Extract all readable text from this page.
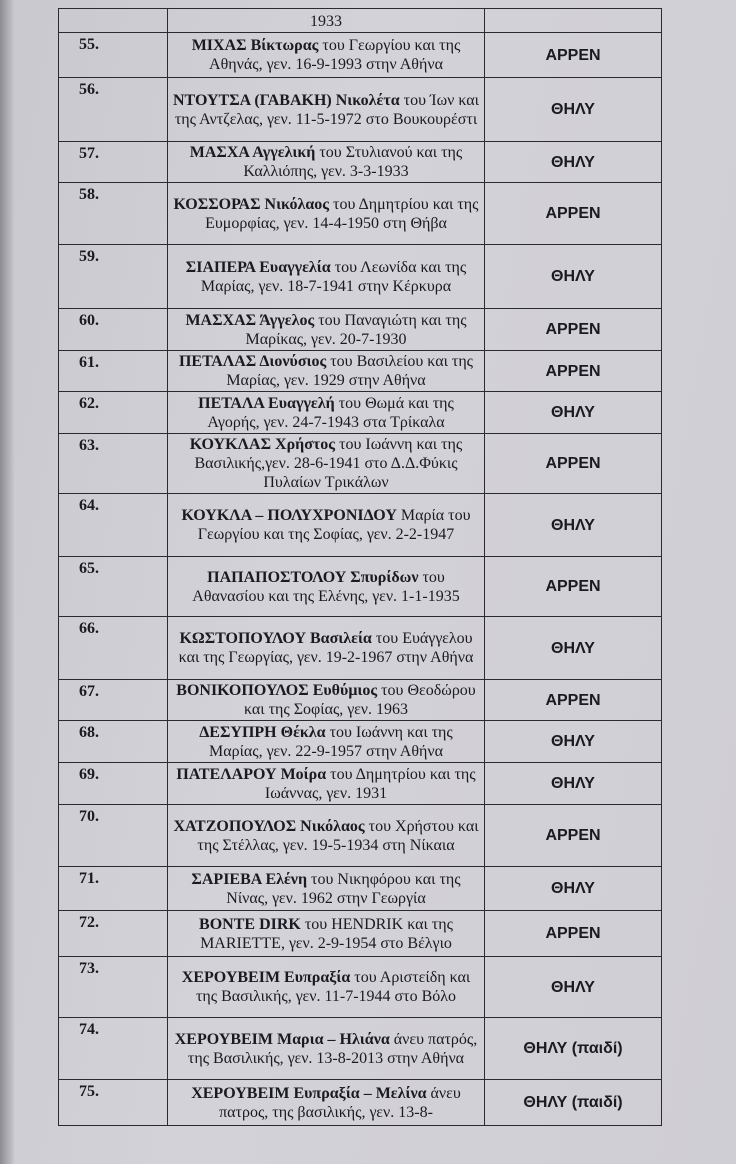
	1933	
55.	ΜΙΧΑΣ Βίκτωρας του Γεωργίου και της Αθηνάς, γεν. 16-9-1993 στην Αθήνα	ΑΡΡΕΝ
56.	ΝΤΟΥΤΣΑ (ΓΑΒΑΚΗ) Νικολέτα του Ίων και της Αντζελας, γεν. 11-5-1972 στο Βουκουρέστι	ΘΗΛΥ
57.	ΜΑΣΧΑ Αγγελική του Στυλιανού και της Καλλιόπης, γεν. 3-3-1933	ΘΗΛΥ
58.	ΚΟΣΣΟΡΑΣ Νικόλαος του Δημητρίου και της Ευμορφίας, γεν. 14-4-1950 στη Θήβα	ΑΡΡΕΝ
59.	ΣΙΑΠΕΡΑ Ευαγγελία του Λεωνίδα και της Μαρίας, γεν. 18-7-1941 στην Κέρκυρα	ΘΗΛΥ
60.	ΜΑΣΧΑΣ Άγγελος του Παναγιώτη και της Μαρίκας, γεν. 20-7-1930	ΑΡΡΕΝ
61.	ΠΕΤΑΛΑΣ Διονύσιος του Βασιλείου και της Μαρίας, γεν. 1929 στην Αθήνα	ΑΡΡΕΝ
62.	ΠΕΤΑΛΑ Ευαγγελή του Θωμά και της Αγορής, γεν. 24-7-1943 στα Τρίκαλα	ΘΗΛΥ
63.	ΚΟΥΚΛΑΣ Χρήστος του Ιωάννη και της Βασιλικής,γεν. 28-6-1941 στο Δ.Δ.Φύκις Πυλαίων Τρικάλων	ΑΡΡΕΝ
64.	ΚΟΥΚΛΑ – ΠΟΛΥΧΡΟΝΙΔΟΥ Μαρία του Γεωργίου και της Σοφίας, γεν. 2-2-1947	ΘΗΛΥ
65.	ΠΑΠΑΠΟΣΤΟΛΟΥ Σπυρίδων του Αθανασίου και της Ελένης, γεν. 1-1-1935	ΑΡΡΕΝ
66.	ΚΩΣΤΟΠΟΥΛΟΥ Βασιλεία του Ευάγγελου και της Γεωργίας, γεν. 19-2-1967 στην Αθήνα	ΘΗΛΥ
67.	ΒΟΝΙΚΟΠΟΥΛΟΣ Ευθύμιος του Θεοδώρου και της Σοφίας, γεν. 1963	ΑΡΡΕΝ
68.	ΔΕΣΥΠΡΗ Θέκλα του Ιωάννη και της Μαρίας, γεν. 22-9-1957 στην Αθήνα	ΘΗΛΥ
69.	ΠΑΤΕΛΑΡΟΥ Μοίρα του Δημητρίου και της Ιωάννας, γεν. 1931	ΘΗΛΥ
70.	ΧΑΤΖΟΠΟΥΛΟΣ Νικόλαος του Χρήστου και της Στέλλας, γεν. 19-5-1934 στη Νίκαια	ΑΡΡΕΝ
71.	ΣΑΡΙΕΒΑ Ελένη του Νικηφόρου και της Νίνας, γεν. 1962 στην Γεωργία	ΘΗΛΥ
72.	BONTE DIRK του HENDRIK και της MARIETTE, γεν. 2-9-1954 στο Βέλγιο	ΑΡΡΕΝ
73.	ΧΕΡΟΥΒΕΙΜ Ευπραξία του Αριστείδη και της Βασιλικής, γεν. 11-7-1944 στο Βόλο	ΘΗΛΥ
74.	ΧΕΡΟΥΒΕΙΜ Μαρια – Ηλιάνα άνευ πατρός, της Βασιλικής, γεν. 13-8-2013 στην Αθήνα	ΘΗΛΥ (παιδί)
75.	ΧΕΡΟΥΒΕΙΜ Ευπραξία – Μελίνα άνευ πατρος, της βασιλικής, γεν. 13-8-	ΘΗΛΥ (παιδί)
